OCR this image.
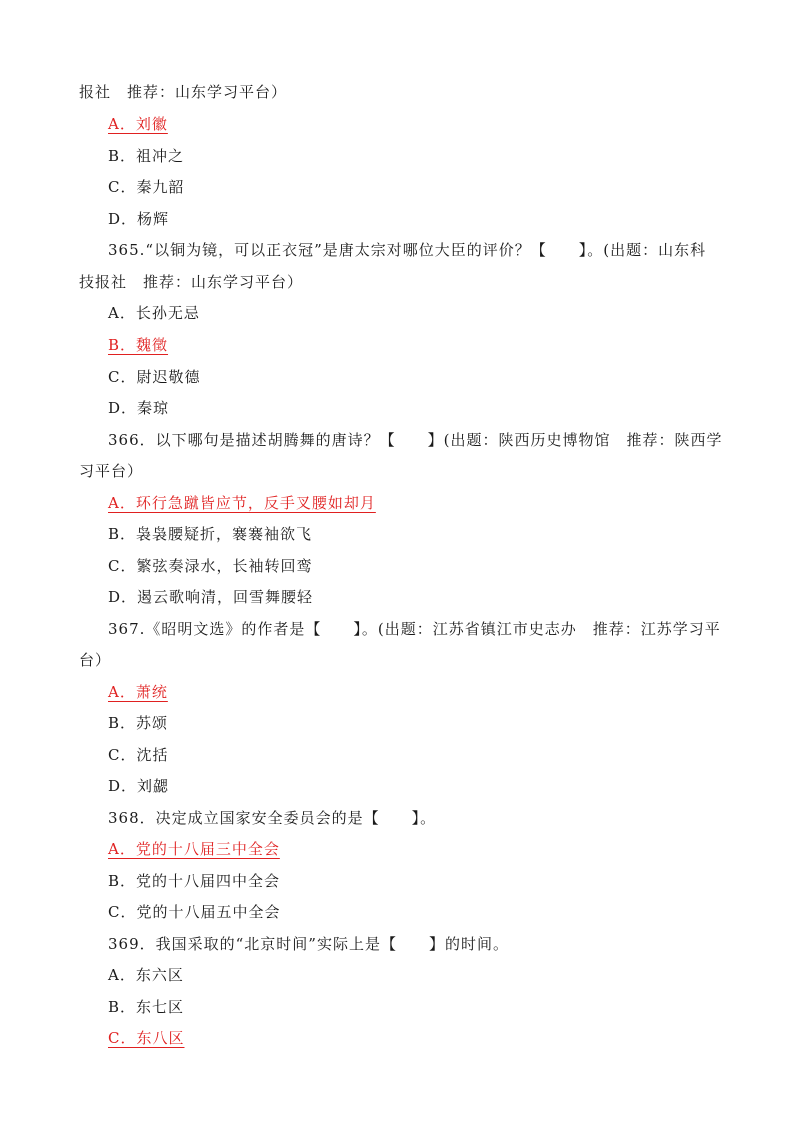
报社　推荐：山东学习平台）
A．刘徽
B．祖冲之
C．秦九韶
D．杨辉
365.“以铜为镜，可以正衣冠”是唐太宗对哪位大臣的评价？【　　】。(出题：山东科
技报社　推荐：山东学习平台）
A．长孙无忌
B．魏徵
C．尉迟敬德
D．秦琼
366．以下哪句是描述胡腾舞的唐诗？【　　】(出题：陕西历史博物馆　推荐：陕西学
习平台）
A．环行急蹴皆应节，反手叉腰如却月
B．袅袅腰疑折，褰褰袖欲飞
C．繁弦奏渌水，长袖转回鸾
D．遏云歌响清，回雪舞腰轻
367.《昭明文选》的作者是【　　】。(出题：江苏省镇江市史志办　推荐：江苏学习平
台）
A．萧统
B．苏颂
C．沈括
D．刘勰
368．决定成立国家安全委员会的是【　　】。
A．党的十八届三中全会
B．党的十八届四中全会
C．党的十八届五中全会
369．我国采取的“北京时间”实际上是【　　】的时间。
A．东六区
B．东七区
C．东八区
